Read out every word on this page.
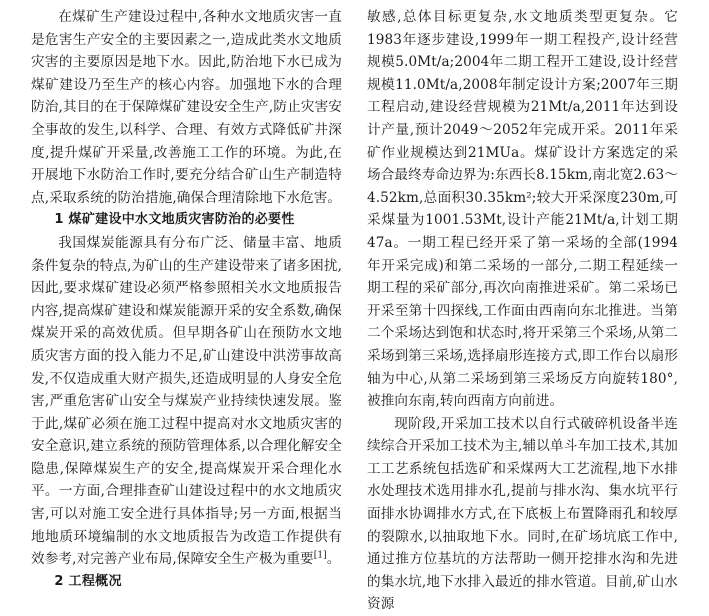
在煤矿生产建设过程中,各种水文地质灾害一直是危害生产安全的主要因素之一,造成此类水文地质灾害的主要原因是地下水。因此,防治地下水已成为煤矿建设乃至生产的核心内容。加强地下水的合理防治,其目的在于保障煤矿建设安全生产,防止灾害安全事故的发生,以科学、合理、有效方式降低矿井深度,提升煤矿开采量,改善施工工作的环境。为此,在开展地下水防治工作时,要充分结合矿山生产制造特点,采取系统的防治措施,确保合理清除地下水危害。

1 煤矿建设中水文地质灾害防治的必要性

我国煤炭能源具有分布广泛、储量丰富、地质条件复杂的特点,为矿山的生产建设带来了诸多困扰,因此,要求煤矿建设必须严格参照相关水文地质报告内容,提高煤矿建设和煤炭能源开采的安全系数,确保煤炭开采的高效优质。但早期各矿山在预防水文地质灾害方面的投入能力不足,矿山建设中洪涝事故高发,不仅造成重大财产损失,还造成明显的人身安全危害,严重危害矿山安全与煤炭产业持续快速发展。鉴于此,煤矿必须在施工过程中提高对水文地质灾害的安全意识,建立系统的预防管理体系,以合理化解安全隐患,保障煤炭生产的安全,提高煤炭开采合理化水平。一方面,合理排查矿山建设过程中的水文地质灾害,可以对施工安全进行具体指导;另一方面,根据当地地质环境编制的水文地质报告为改造工作提供有效参考,对完善产业布局,保障安全生产极为重要[1]。

2 工程概况

敏感,总体目标更复杂,水文地质类型更复杂。它1983年逐步建设,1999年一期工程投产,设计经营规模5.0Mt/a;2004年二期工程开工建设,设计经营规模11.0Mt/a,2008年制定设计方案;2007年三期工程启动,建设经营规模为21Mt/a,2011年达到设计产量,预计2049～2052年完成开采。2011年采矿作业规模达到21MUa。煤矿设计方案选定的采场合最终寿命边界为:东西长8.15km,南北宽2.63～4.52km,总面积30.35km²;较大开采深度230m,可采煤量为1001.53Mt,设计产能21Mt/a,计划工期47a。一期工程已经开采了第一采场的全部(1994年开采完成)和第二采场的一部分,二期工程延续一期工程的采矿部分,再次向南推进采矿。第二采场已开采至第十四探线,工作面由西南向东北推进。当第二个采场达到饱和状态时,将开采第三个采场,从第二采场到第三采场,选择扇形连接方式,即工作台以扇形轴为中心,从第二采场到第三采场反方向旋转180°,被推向东南,转向西南方向前进。

现阶段,开采加工技术以自行式破碎机设备半连续综合开采加工技术为主,辅以单斗车加工技术,其加工工艺系统包括选矿和采煤两大工艺流程,地下水排水处理技术选用排水孔,提前与排水沟、集水坑平行面排水协调排水方式,在下底板上布置降雨孔和较厚的裂隙水,以抽取地下水。同时,在矿场坑底工作中,通过推方位基坑的方法帮助一侧开挖排水沟和先进的集水坑,地下水排入最近的排水管道。目前,矿山水资源
